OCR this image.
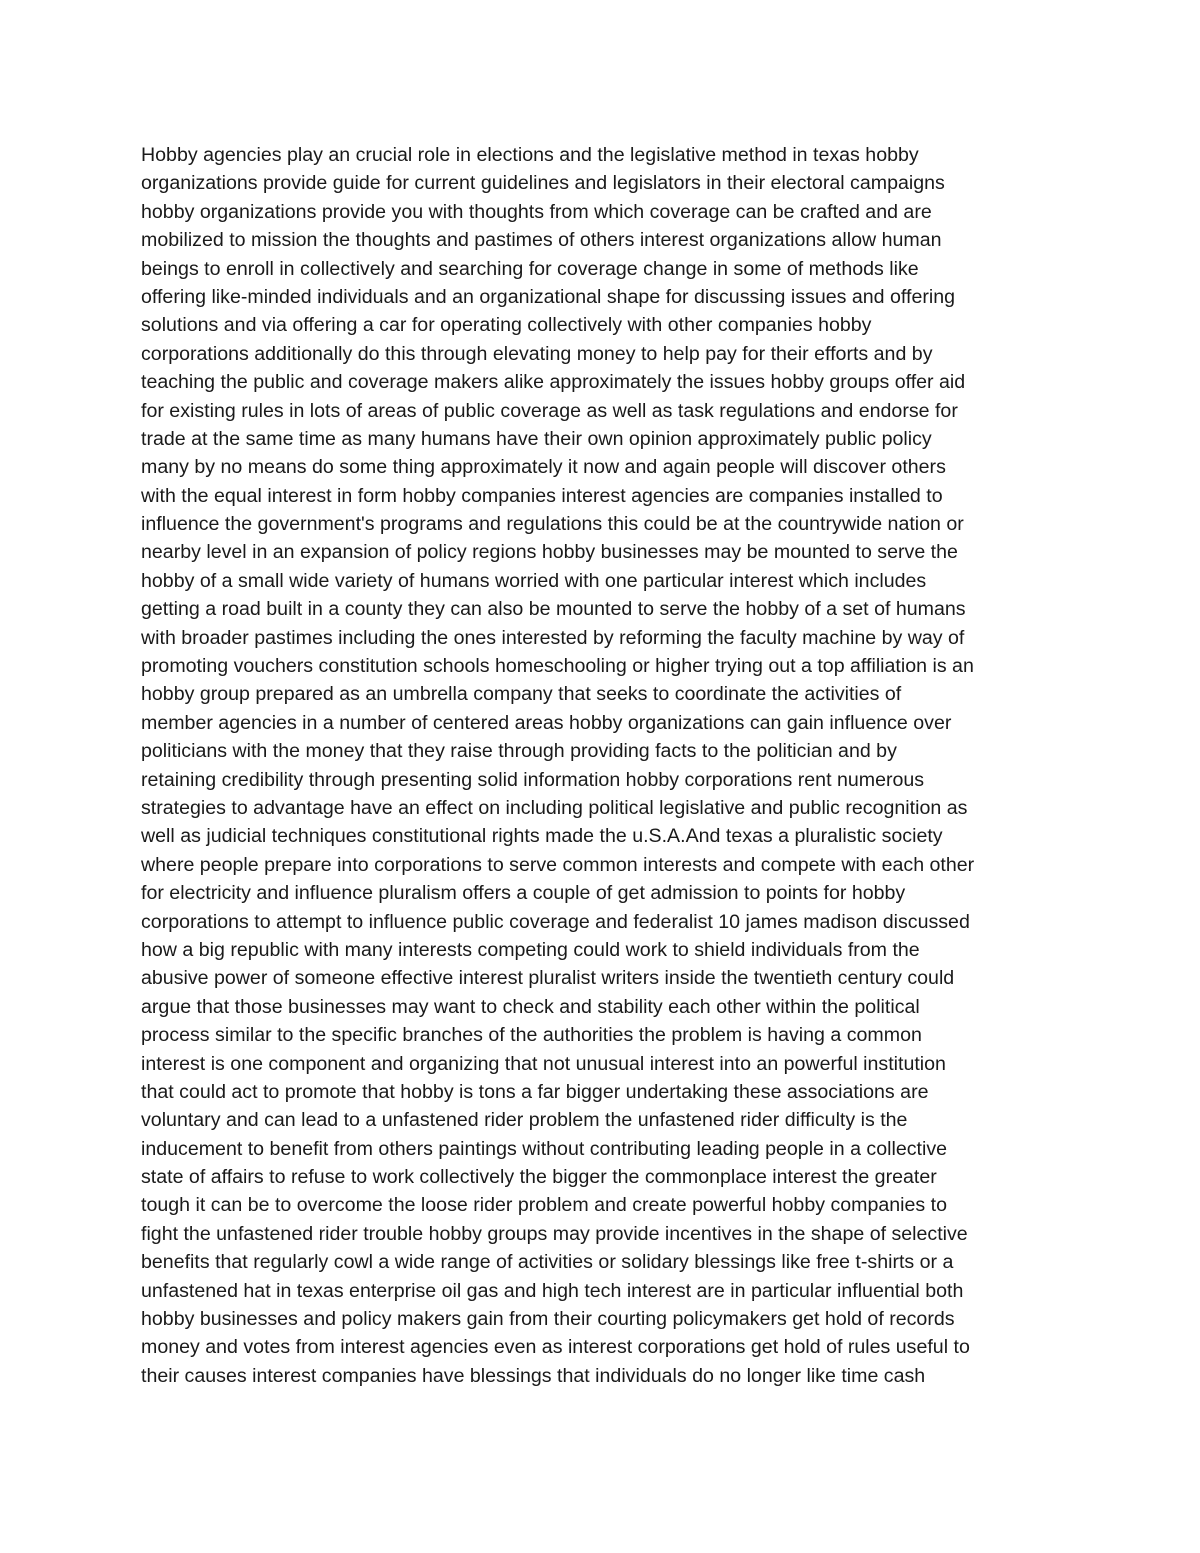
Hobby agencies play an crucial role in elections and the legislative method in texas hobby
organizations provide guide for current guidelines and legislators in their electoral campaigns
hobby organizations provide you with thoughts from which coverage can be crafted and are
mobilized to mission the thoughts and pastimes of others interest organizations allow human
beings to enroll in collectively and searching for coverage change in some of methods like
offering like-minded individuals and an organizational shape for discussing issues and offering
solutions and via offering a car for operating collectively with other companies hobby
corporations additionally do this through elevating money to help pay for their efforts and by
teaching the public and coverage makers alike approximately the issues hobby groups offer aid
for existing rules in lots of areas of public coverage as well as task regulations and endorse for
trade at the same time as many humans have their own opinion approximately public policy
many by no means do some thing approximately it now and again people will discover others
with the equal interest in form hobby companies interest agencies are companies installed to
influence the government's programs and regulations this could be at the countrywide nation or
nearby level in an expansion of policy regions hobby businesses may be mounted to serve the
hobby of a small wide variety of humans worried with one particular interest which includes
getting a road built in a county they can also be mounted to serve the hobby of a set of humans
with broader pastimes including the ones interested by reforming the faculty machine by way of
promoting vouchers constitution schools homeschooling or higher trying out a top affiliation is an
hobby group prepared as an umbrella company that seeks to coordinate the activities of
member agencies in a number of centered areas hobby organizations can gain influence over
politicians with the money that they raise through providing facts to the politician and by
retaining credibility through presenting solid information hobby corporations rent numerous
strategies to advantage have an effect on including political legislative and public recognition as
well as judicial techniques constitutional rights made the u.S.A.And texas a pluralistic society
where people prepare into corporations to serve common interests and compete with each other
for electricity and influence pluralism offers a couple of get admission to points for hobby
corporations to attempt to influence public coverage and federalist 10 james madison discussed
how a big republic with many interests competing could work to shield individuals from the
abusive power of someone effective interest pluralist writers inside the twentieth century could
argue that those businesses may want to check and stability each other within the political
process similar to the specific branches of the authorities the problem is having a common
interest is one component and organizing that not unusual interest into an powerful institution
that could act to promote that hobby is tons a far bigger undertaking these associations are
voluntary and can lead to a unfastened rider problem the unfastened rider difficulty is the
inducement to benefit from others paintings without contributing leading people in a collective
state of affairs to refuse to work collectively the bigger the commonplace interest the greater
tough it can be to overcome the loose rider problem and create powerful hobby companies to
fight the unfastened rider trouble hobby groups may provide incentives in the shape of selective
benefits that regularly cowl a wide range of activities or solidary blessings like free t-shirts or a
unfastened hat in texas enterprise oil gas and high tech interest are in particular influential both
hobby businesses and policy makers gain from their courting policymakers get hold of records
money and votes from interest agencies even as interest corporations get hold of rules useful to
their causes interest companies have blessings that individuals do no longer like time cash
